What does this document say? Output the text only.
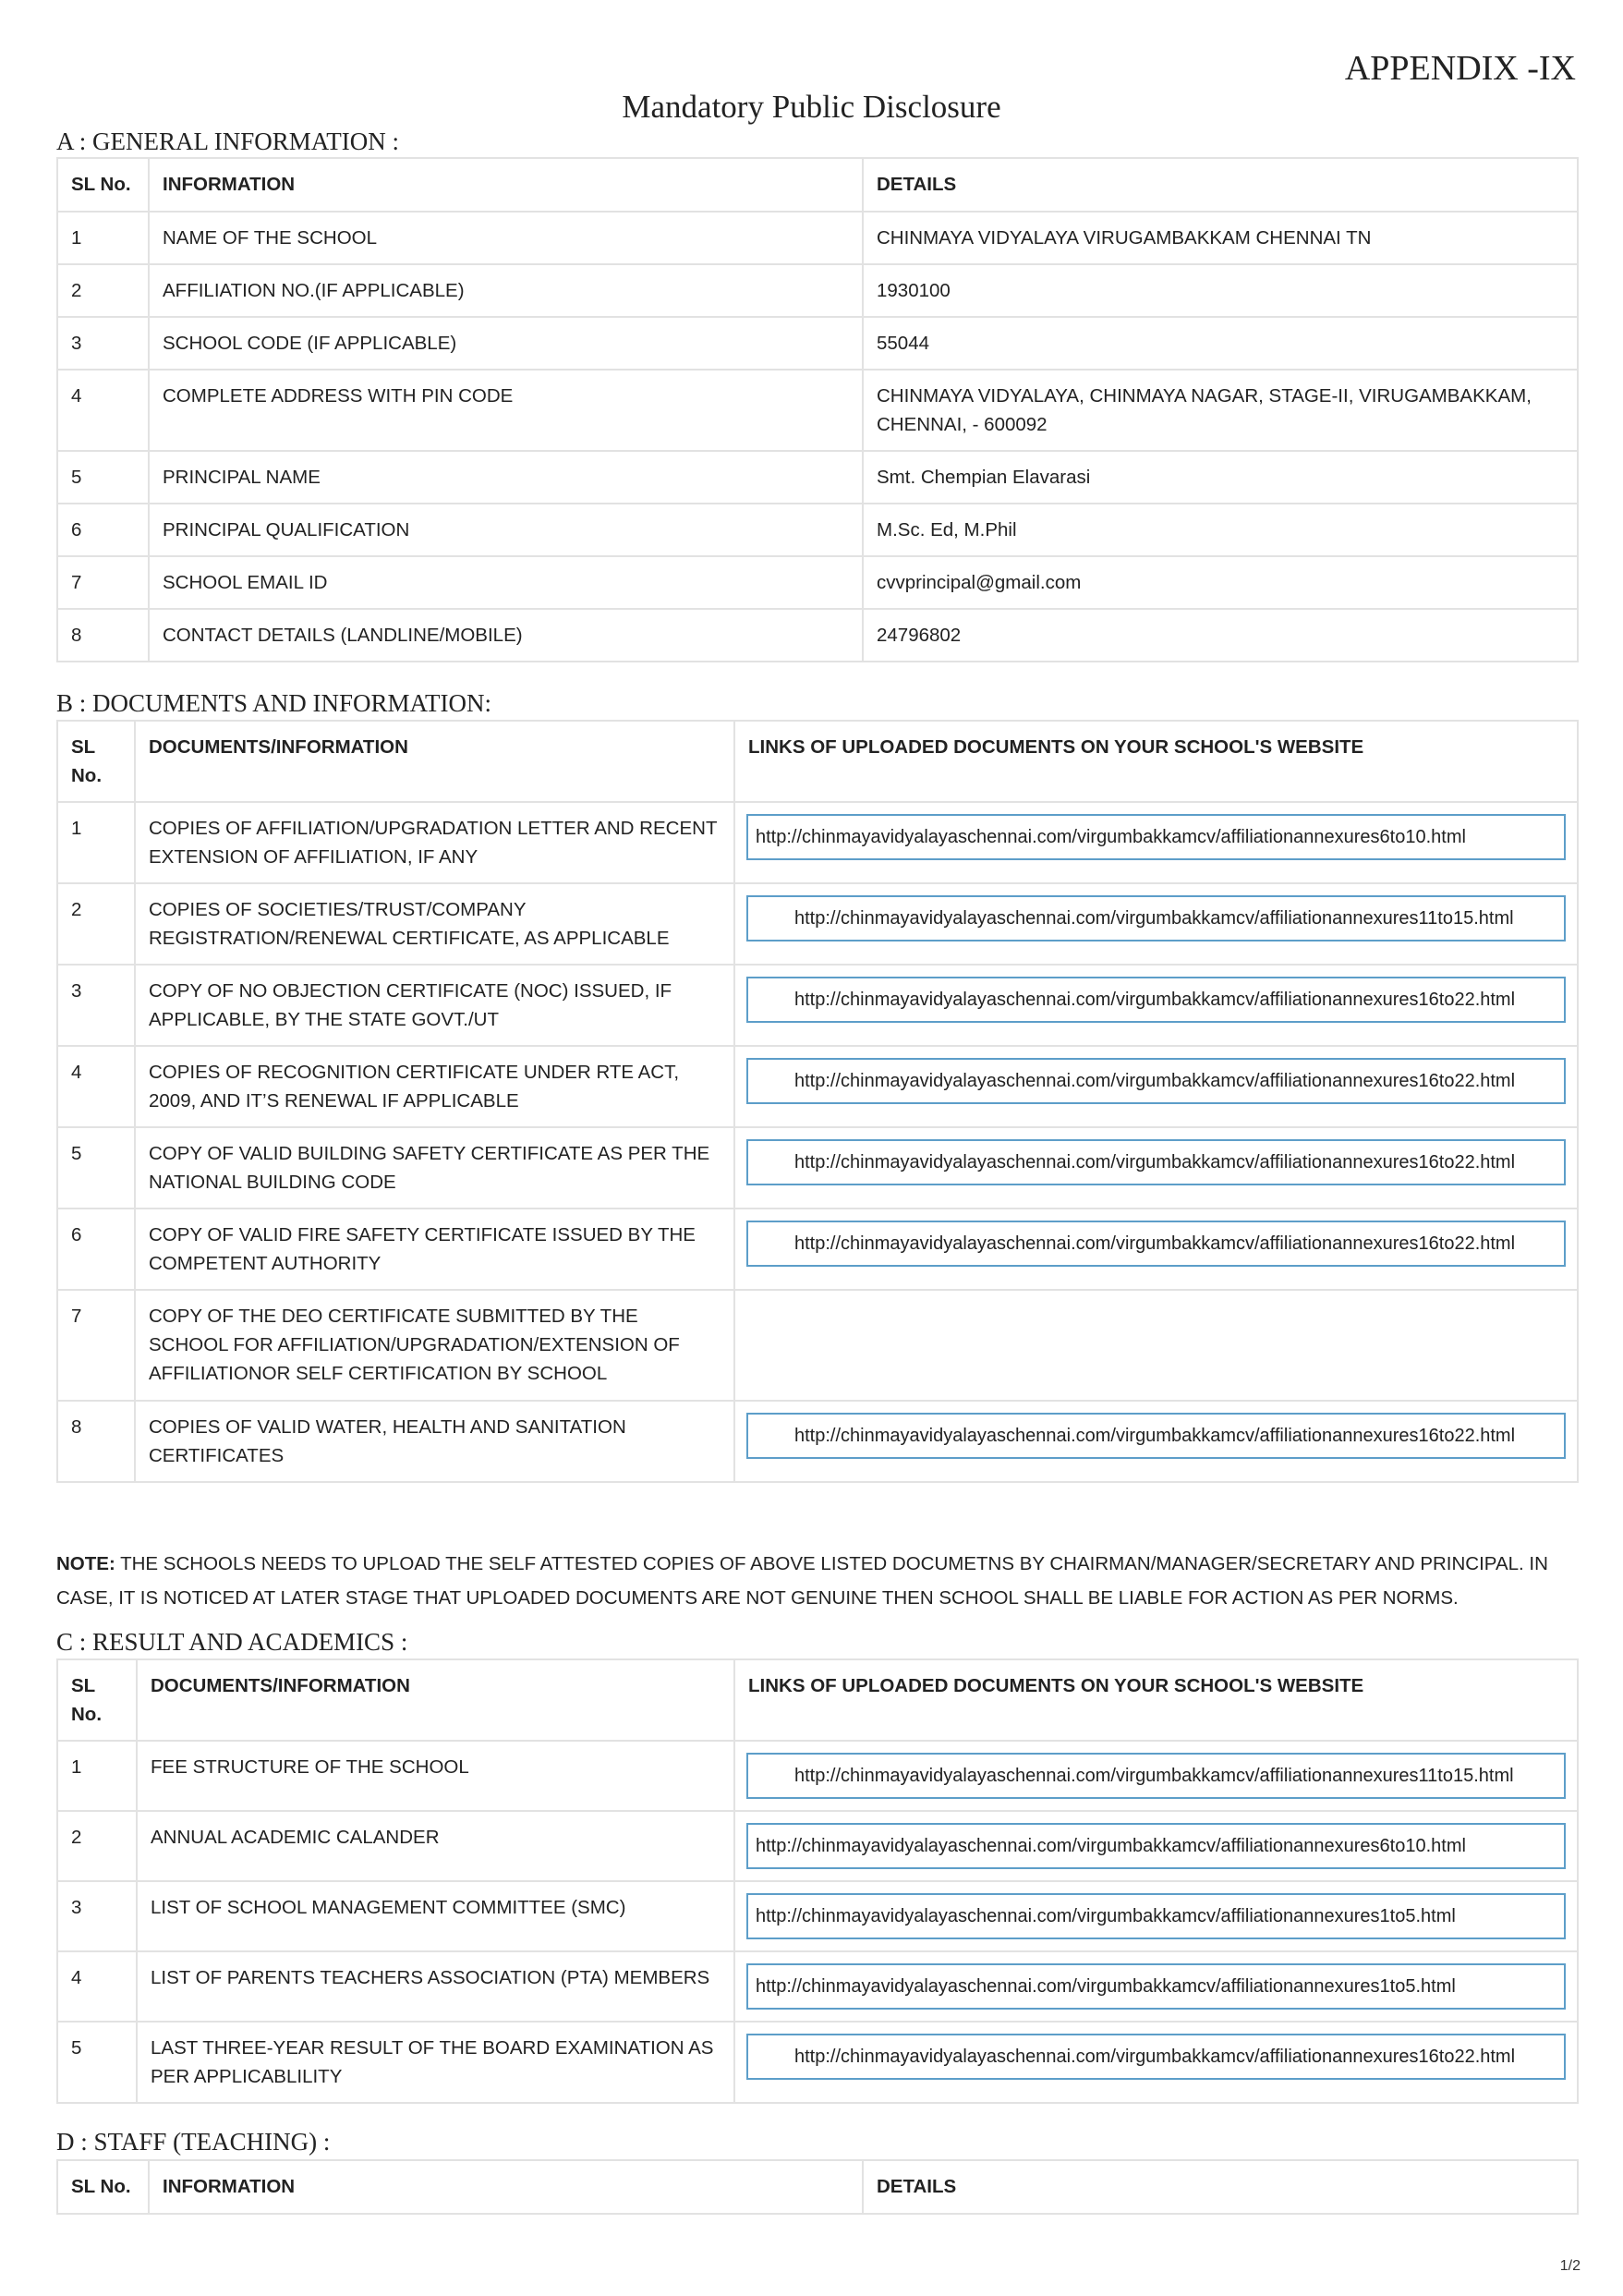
APPENDIX -IX
Mandatory Public Disclosure
A : GENERAL INFORMATION :
SL No.	INFORMATION	DETAILS
1	NAME OF THE SCHOOL	CHINMAYA VIDYALAYA VIRUGAMBAKKAM CHENNAI TN
2	AFFILIATION NO.(IF APPLICABLE)	1930100
3	SCHOOL CODE (IF APPLICABLE)	55044
4	COMPLETE ADDRESS WITH PIN CODE	CHINMAYA VIDYALAYA, CHINMAYA NAGAR, STAGE-II, VIRUGAMBAKKAM, CHENNAI, - 600092
5	PRINCIPAL NAME	Smt. Chempian Elavarasi
6	PRINCIPAL QUALIFICATION	M.Sc. Ed, M.Phil
7	SCHOOL EMAIL ID	cvvprincipal@gmail.com
8	CONTACT DETAILS (LANDLINE/MOBILE)	24796802
B : DOCUMENTS AND INFORMATION:
SL No.	DOCUMENTS/INFORMATION	LINKS OF UPLOADED DOCUMENTS ON YOUR SCHOOL'S WEBSITE
1	COPIES OF AFFILIATION/UPGRADATION LETTER AND RECENT EXTENSION OF AFFILIATION, IF ANY	http://chinmayavidyalayaschennai.com/virgumbakkamcv/affiliationannexures6to10.html

2	COPIES OF SOCIETIES/TRUST/COMPANY REGISTRATION/RENEWAL CERTIFICATE, AS APPLICABLE	http://chinmayavidyalayaschennai.com/virgumbakkamcv/affiliationannexures11to15.html

3	COPY OF NO OBJECTION CERTIFICATE (NOC) ISSUED, IF APPLICABLE, BY THE STATE GOVT./UT	http://chinmayavidyalayaschennai.com/virgumbakkamcv/affiliationannexures16to22.html

4	COPIES OF RECOGNITION CERTIFICATE UNDER RTE ACT, 2009, AND IT’S RENEWAL IF APPLICABLE	http://chinmayavidyalayaschennai.com/virgumbakkamcv/affiliationannexures16to22.html

5	COPY OF VALID BUILDING SAFETY CERTIFICATE AS PER THE NATIONAL BUILDING CODE	http://chinmayavidyalayaschennai.com/virgumbakkamcv/affiliationannexures16to22.html

6	COPY OF VALID FIRE SAFETY CERTIFICATE ISSUED BY THE COMPETENT AUTHORITY	http://chinmayavidyalayaschennai.com/virgumbakkamcv/affiliationannexures16to22.html

7	COPY OF THE DEO CERTIFICATE SUBMITTED BY THE SCHOOL FOR AFFILIATION/UPGRADATION/EXTENSION OF AFFILIATIONOR SELF CERTIFICATION BY SCHOOL	
8	COPIES OF VALID WATER, HEALTH AND SANITATION CERTIFICATES	http://chinmayavidyalayaschennai.com/virgumbakkamcv/affiliationannexures16to22.html
NOTE: THE SCHOOLS NEEDS TO UPLOAD THE SELF ATTESTED COPIES OF ABOVE LISTED DOCUMETNS BY CHAIRMAN/MANAGER/SECRETARY AND PRINCIPAL. IN CASE, IT IS NOTICED AT LATER STAGE THAT UPLOADED DOCUMENTS ARE NOT GENUINE THEN SCHOOL SHALL BE LIABLE FOR ACTION AS PER NORMS.
C : RESULT AND ACADEMICS :
SL No.	DOCUMENTS/INFORMATION	LINKS OF UPLOADED DOCUMENTS ON YOUR SCHOOL'S WEBSITE
1	FEE STRUCTURE OF THE SCHOOL	http://chinmayavidyalayaschennai.com/virgumbakkamcv/affiliationannexures11to15.html

2	ANNUAL ACADEMIC CALANDER	http://chinmayavidyalayaschennai.com/virgumbakkamcv/affiliationannexures6to10.html

3	LIST OF SCHOOL MANAGEMENT COMMITTEE (SMC)	http://chinmayavidyalayaschennai.com/virgumbakkamcv/affiliationannexures1to5.html

4	LIST OF PARENTS TEACHERS ASSOCIATION (PTA) MEMBERS	http://chinmayavidyalayaschennai.com/virgumbakkamcv/affiliationannexures1to5.html

5	LAST THREE-YEAR RESULT OF THE BOARD EXAMINATION AS PER APPLICABLILITY	http://chinmayavidyalayaschennai.com/virgumbakkamcv/affiliationannexures16to22.html
D : STAFF (TEACHING) :
SL No.	INFORMATION	DETAILS
1/2
